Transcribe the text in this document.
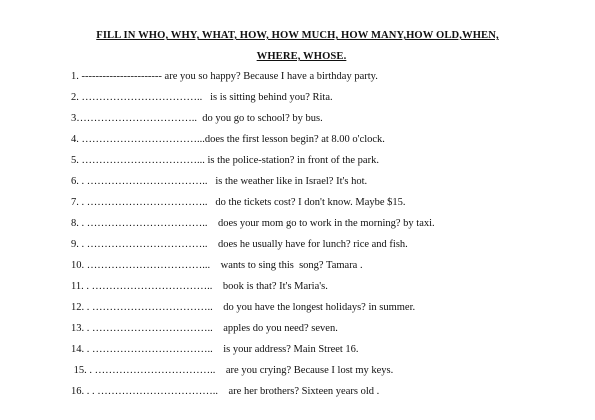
FILL IN WHO, WHY, WHAT, HOW, HOW MUCH, HOW MANY,HOW OLD,WHEN,
WHERE, WHOSE.
1. ----------------------- are you so happy? Because I have a birthday party.
2. ……………………………..   is is sitting behind you? Rita.
3……………………………..  do you go to school? by bus.
4. ……………………………...does the first lesson begin? at 8.00 o'clock.
5. ……………………………... is the police-station? in front of the park.
6. . ……………………………..   is the weather like in Israel? It's hot.
7. . ……………………………..   do the tickets cost? I don't know. Maybe $15.
8. . ……………………………..    does your mom go to work in the morning? by taxi.
9. . ……………………………..    does he usually have for lunch? rice and fish.
10. ……………………………...    wants to sing this  song? Tamara .
11. . ……………………………..    book is that? It's Maria's.
12. . ……………………………..    do you have the longest holidays? in summer.
13. . ……………………………..    apples do you need? seven.
14. . ……………………………..    is your address? Main Street 16.
15. . ……………………………..    are you crying? Because I lost my keys.
16. . . ……………………………..    are her brothers? Sixteen years old .
